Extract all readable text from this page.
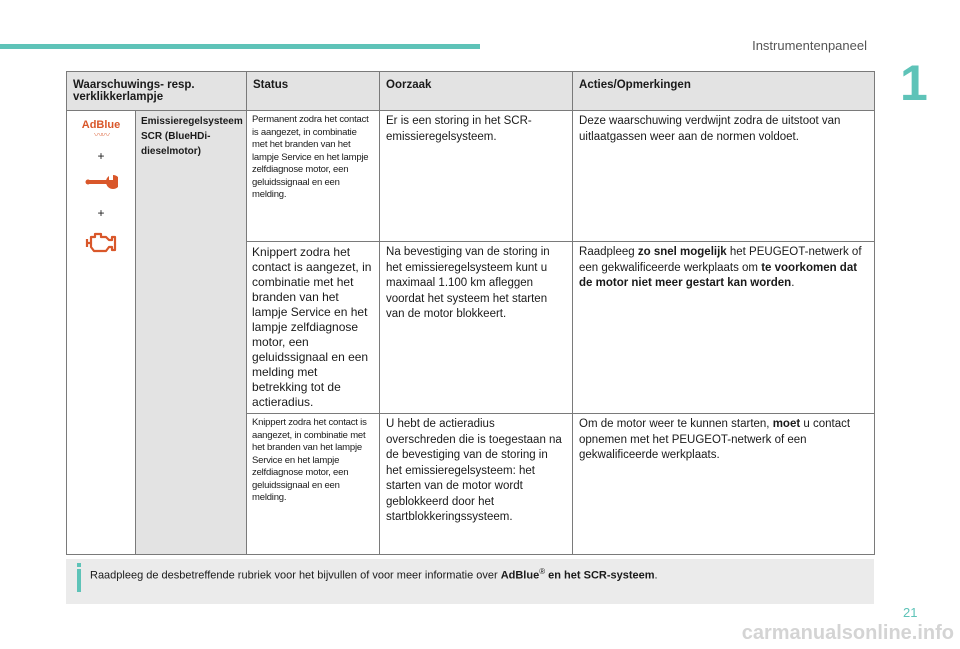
Instrumentenpaneel
1
Waarschuwings- resp. verklikkerlampje		Status	Oorzaak	Acties/Opmerkingen

AdBlue
〰〰
+
+	Emissieregelsysteem SCR (BlueHDi-dieselmotor)	Permanent zodra het contact is aangezet, in combinatie met het branden van het lampje Service en het lampje zelfdiagnose motor, een geluidssignaal en een melding.	Er is een storing in het SCR-emissieregelsysteem.	Deze waarschuwing verdwijnt zodra de uitstoot van uitlaatgassen weer aan de normen voldoet.
		Knippert zodra het contact is aangezet, in combinatie met het branden van het lampje Service en het lampje zelfdiagnose motor, een geluidssignaal en een melding met betrekking tot de actieradius.	Na bevestiging van de storing in het emissieregelsysteem kunt u maximaal 1.100 km afleggen voordat het systeem het starten van de motor blokkeert.	Raadpleeg zo snel mogelijk het PEUGEOT-netwerk of een gekwalificeerde werkplaats om te voorkomen dat de motor niet meer gestart kan worden.
		Knippert zodra het contact is aangezet, in combinatie met het branden van het lampje Service en het lampje zelfdiagnose motor, een geluidssignaal en een melding.	U hebt de actieradius overschreden die is toegestaan na de bevestiging van de storing in het emissieregelsysteem: het starten van de motor wordt geblokkeerd door het startblokkeringssysteem.	Om de motor weer te kunnen starten, moet u contact opnemen met het PEUGEOT-netwerk of een gekwalificeerde werkplaats.
Raadpleeg de desbetreffende rubriek voor het bijvullen of voor meer informatie over AdBlue® en het SCR-systeem.
21
carmanualsonline.info
